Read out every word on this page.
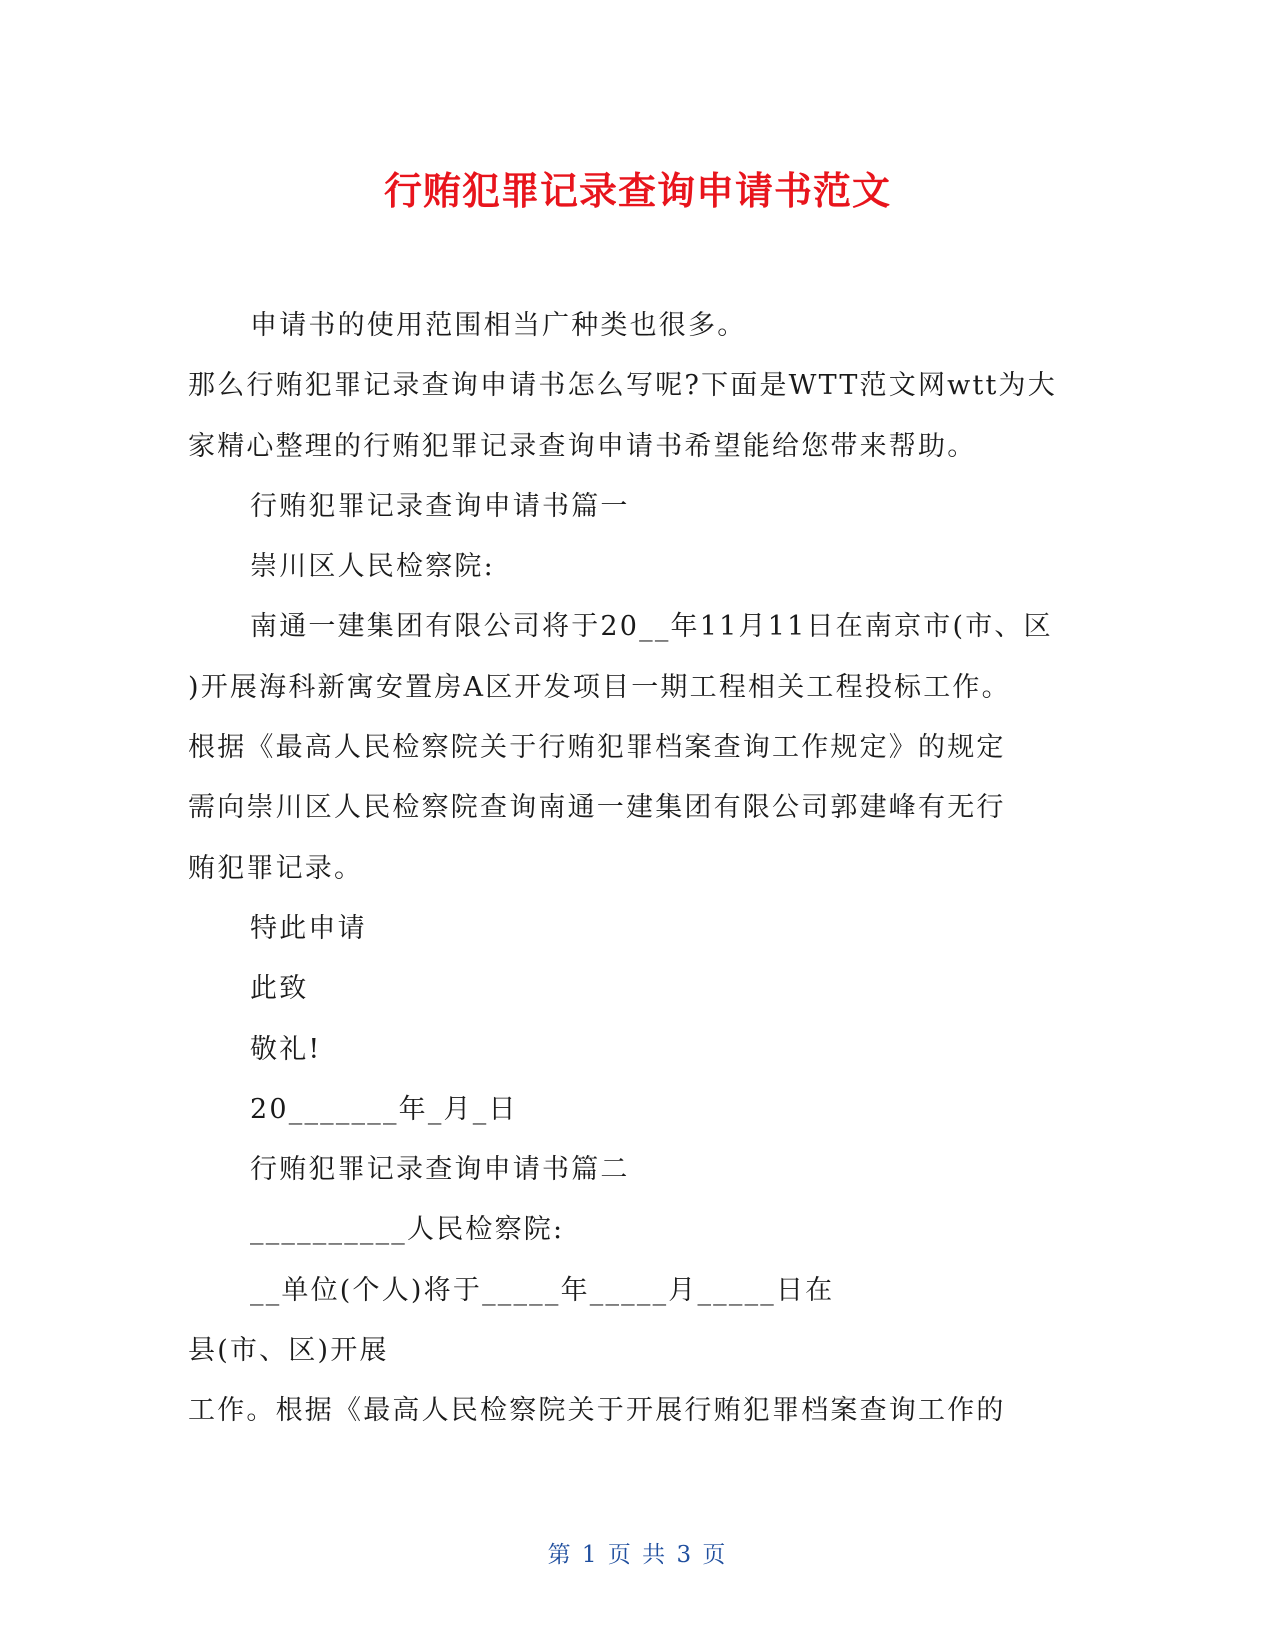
行贿犯罪记录查询申请书范文
申请书的使用范围相当广种类也很多。
那么行贿犯罪记录查询申请书怎么写呢?下面是WTT范文网wtt为大
家精心整理的行贿犯罪记录查询申请书希望能给您带来帮助。
行贿犯罪记录查询申请书篇一
崇川区人民检察院:
南通一建集团有限公司将于20__年11月11日在南京市(市、区
)开展海科新寓安置房A区开发项目一期工程相关工程投标工作。
根据《最高人民检察院关于行贿犯罪档案查询工作规定》的规定
需向崇川区人民检察院查询南通一建集团有限公司郭建峰有无行
贿犯罪记录。
特此申请
此致
敬礼!
20_______年_月_日
行贿犯罪记录查询申请书篇二
__________人民检察院:
__单位(个人)将于_____年_____月_____日在
县(市、区)开展
工作。根据《最高人民检察院关于开展行贿犯罪档案查询工作的
第 1 页 共 3 页
